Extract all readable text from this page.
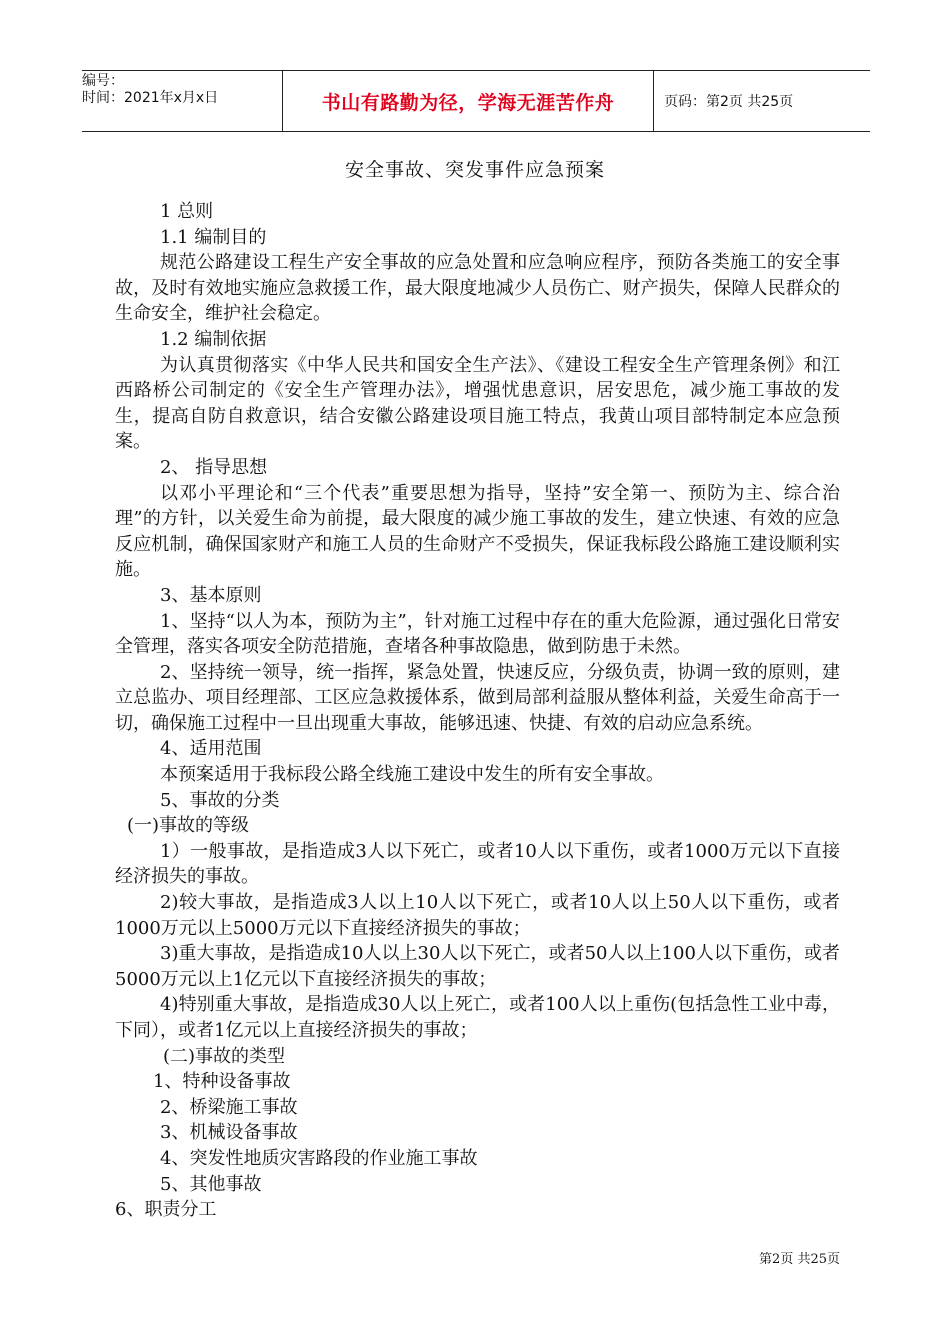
编号：
时间：2021年x月x日	书山有路勤为径，学海无涯苦作舟	页码：第2页 共25页
安全事故、突发事件应急预案

1 总则

1.1 编制目的

规范公路建设工程生产安全事故的应急处置和应急响应程序，预防各类施工的安全事故，及时有效地实施应急救援工作，最大限度地减少人员伤亡、财产损失，保障人民群众的生命安全，维护社会稳定。

1.2 编制依据

为认真贯彻落实《中华人民共和国安全生产法》、《建设工程安全生产管理条例》和江西路桥公司制定的《安全生产管理办法》，增强忧患意识，居安思危，减少施工事故的发生，提高自防自救意识，结合安徽公路建设项目施工特点，我黄山项目部特制定本应急预案。

2、 指导思想

以邓小平理论和“三个代表”重要思想为指导，坚持”安全第一、预防为主、综合治理”的方针，以关爱生命为前提，最大限度的减少施工事故的发生，建立快速、有效的应急反应机制，确保国家财产和施工人员的生命财产不受损失，保证我标段公路施工建设顺利实施。

3、基本原则

1、坚持“以人为本，预防为主”，针对施工过程中存在的重大危险源，通过强化日常安全管理，落实各项安全防范措施，查堵各种事故隐患，做到防患于未然。

2、坚持统一领导，统一指挥，紧急处置，快速反应，分级负责，协调一致的原则，建立总监办、项目经理部、工区应急救援体系，做到局部利益服从整体利益，关爱生命高于一切，确保施工过程中一旦出现重大事故，能够迅速、快捷、有效的启动应急系统。

4、适用范围

本预案适用于我标段公路全线施工建设中发生的所有安全事故。

5、事故的分类

(一)事故的等级

1）一般事故，是指造成3人以下死亡，或者10人以下重伤，或者1000万元以下直接经济损失的事故。

2)较大事故，是指造成3人以上10人以下死亡，或者10人以上50人以下重伤，或者1000万元以上5000万元以下直接经济损失的事故；

3)重大事故，是指造成10人以上30人以下死亡，或者50人以上100人以下重伤，或者5000万元以上1亿元以下直接经济损失的事故；

4)特别重大事故，是指造成30人以上死亡，或者100人以上重伤(包括急性工业中毒，下同），或者1亿元以上直接经济损失的事故；

(二)事故的类型

1、特种设备事故

2、桥梁施工事故

3、机械设备事故

4、突发性地质灾害路段的作业施工事故

5、其他事故

6、职责分工

第2页 共25页
